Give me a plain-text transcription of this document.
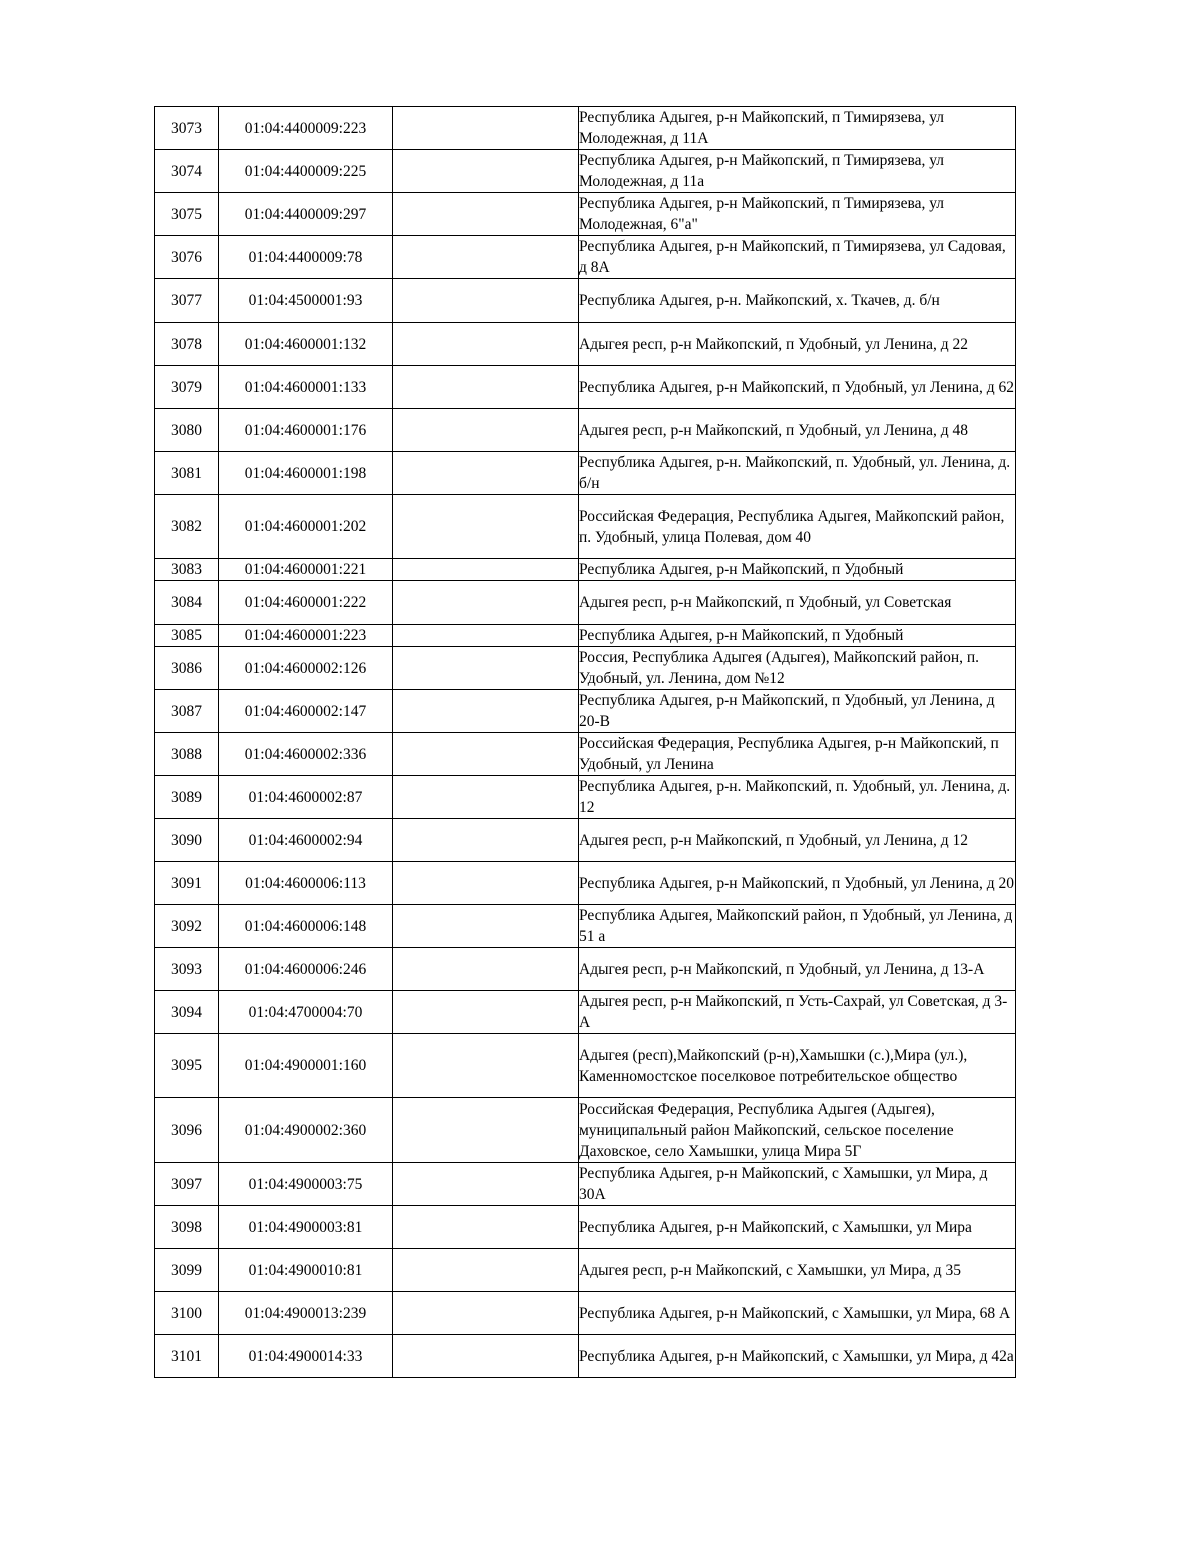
3073	01:04:4400009:223		Республика Адыгея, р-н Майкопский, п Тимирязева, ул Молодежная, д 11А

3074	01:04:4400009:225		Республика Адыгея, р-н Майкопский, п Тимирязева, ул Молодежная, д 11а

3075	01:04:4400009:297		Республика Адыгея, р-н Майкопский, п Тимирязева, ул Молодежная, 6"а"

3076	01:04:4400009:78		Республика Адыгея, р-н Майкопский, п Тимирязева, ул Садовая, д 8А

3077	01:04:4500001:93		Республика Адыгея, р-н. Майкопский, х. Ткачев, д. б/н

3078	01:04:4600001:132		Адыгея респ, р-н Майкопский, п Удобный, ул Ленина, д 22

3079	01:04:4600001:133		Республика Адыгея, р-н Майкопский, п Удобный, ул Ленина, д 62

3080	01:04:4600001:176		Адыгея респ, р-н Майкопский, п Удобный, ул Ленина, д 48

3081	01:04:4600001:198		Республика Адыгея, р-н. Майкопский, п. Удобный, ул. Ленина, д. б/н

3082	01:04:4600001:202		Российская Федерация, Республика Адыгея, Майкопский район, п. Удобный, улица Полевая, дом 40

3083	01:04:4600001:221		Республика Адыгея, р-н Майкопский, п Удобный

3084	01:04:4600001:222		Адыгея респ, р-н Майкопский, п Удобный, ул Советская

3085	01:04:4600001:223		Республика Адыгея, р-н Майкопский, п Удобный

3086	01:04:4600002:126		Россия, Республика Адыгея (Адыгея), Майкопский район, п. Удобный, ул. Ленина, дом №12

3087	01:04:4600002:147		Республика Адыгея, р-н Майкопский, п Удобный, ул Ленина, д 20-В

3088	01:04:4600002:336		Российская Федерация, Республика Адыгея, р-н Майкопский, п Удобный, ул Ленина

3089	01:04:4600002:87		Республика Адыгея, р-н. Майкопский, п. Удобный, ул. Ленина, д. 12

3090	01:04:4600002:94		Адыгея респ, р-н Майкопский, п Удобный, ул Ленина, д 12

3091	01:04:4600006:113		Республика Адыгея, р-н Майкопский, п Удобный, ул Ленина, д 20

3092	01:04:4600006:148		Республика Адыгея, Майкопский район, п Удобный, ул Ленина, д 51 а

3093	01:04:4600006:246		Адыгея респ, р-н Майкопский, п Удобный, ул Ленина, д 13-А

3094	01:04:4700004:70		Адыгея респ, р-н Майкопский, п Усть-Сахрай, ул Советская, д 3-А

3095	01:04:4900001:160		Адыгея (респ),Майкопский (р-н),Хамышки (с.),Мира (ул.), Каменномостское поселковое потребительское общество

3096	01:04:4900002:360		Российская Федерация, Республика Адыгея (Адыгея), муниципальный район Майкопский, сельское поселение Даховское, село Хамышки, улица Мира 5Г

3097	01:04:4900003:75		Республика Адыгея, р-н Майкопский, с Хамышки, ул Мира, д 30А

3098	01:04:4900003:81		Республика Адыгея, р-н Майкопский, с Хамышки, ул Мира

3099	01:04:4900010:81		Адыгея респ, р-н Майкопский, с Хамышки, ул Мира, д 35

3100	01:04:4900013:239		Республика Адыгея, р-н Майкопский, с Хамышки, ул Мира, 68 А

3101	01:04:4900014:33		Республика Адыгея, р-н Майкопский, с Хамышки, ул Мира, д 42а
